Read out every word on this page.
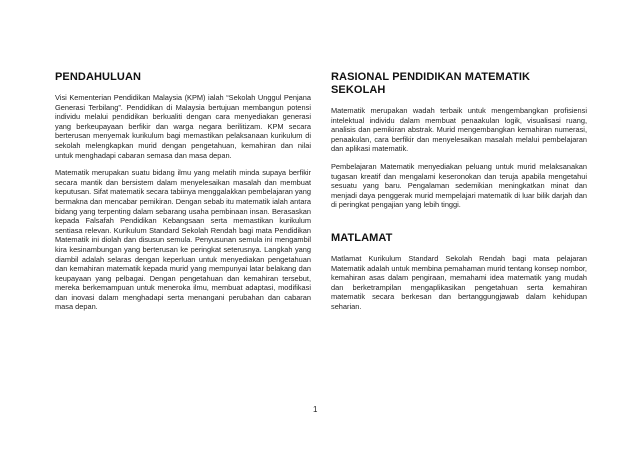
PENDAHULUAN

Visi Kementerian Pendidikan Malaysia (KPM) ialah “Sekolah Unggul Penjana Generasi Terbilang”. Pendidikan di Malaysia bertujuan membangun potensi individu melalui pendidikan berkualiti dengan cara menyediakan generasi yang berkeupayaan berfikir dan warga negara berilitizam. KPM secara berterusan menyemak kurikulum bagi memastikan pelaksanaan kurikulum di sekolah melengkapkan murid dengan pengetahuan, kemahiran dan nilai untuk menghadapi cabaran semasa dan masa depan.

Matematik merupakan suatu bidang ilmu yang melatih minda supaya berfikir secara mantik dan bersistem dalam menyelesaikan masalah dan membuat keputusan. Sifat matematik secara tabiinya menggalakkan pembelajaran yang bermakna dan mencabar pemikiran. Dengan sebab itu matematik ialah antara bidang yang terpenting dalam sebarang usaha pembinaan insan. Berasaskan kepada Falsafah Pendidikan Kebangsaan serta memastikan kurikulum sentiasa relevan. Kurikulum Standard Sekolah Rendah bagi mata Pendidikan Matematik ini diolah dan disusun semula. Penyusunan semula ini mengambil kira kesinambungan yang berterusan ke peringkat seterusnya. Langkah yang diambil adalah selaras dengan keperluan untuk menyediakan pengetahuan dan kemahiran matematik kepada murid yang mempunyai latar belakang dan keupayaan yang pelbagai. Dengan pengetahuan dan kemahiran tersebut, mereka berkemampuan untuk meneroka ilmu, membuat adaptasi, modifikasi dan inovasi dalam menghadapi serta menangani perubahan dan cabaran masa depan.

RASIONAL PENDIDIKAN MATEMATIK SEKOLAH

Matematik merupakan wadah terbaik untuk mengembangkan profisiensi intelektual individu dalam membuat penaakulan logik, visualisasi ruang, analisis dan pemikiran abstrak. Murid mengembangkan kemahiran numerasi, penaakulan, cara berfikir dan menyelesaikan masalah melalui pembelajaran dan aplikasi matematik.

Pembelajaran Matematik menyediakan peluang untuk murid melaksanakan tugasan kreatif dan mengalami keseronokan dan teruja apabila mengetahui sesuatu yang baru. Pengalaman sedemikian meningkatkan minat dan menjadi daya penggerak murid mempelajari matematik di luar bilik darjah dan di peringkat pengajian yang lebih tinggi.

MATLAMAT

Matlamat Kurikulum Standard Sekolah Rendah bagi mata pelajaran Matematik adalah untuk membina pemahaman murid tentang konsep nombor, kemahiran asas dalam pengiraan, memahami idea matematik yang mudah dan berketrampilan mengaplikasikan pengetahuan serta kemahiran matematik secara berkesan dan bertanggungjawab dalam kehidupan seharian.

1
